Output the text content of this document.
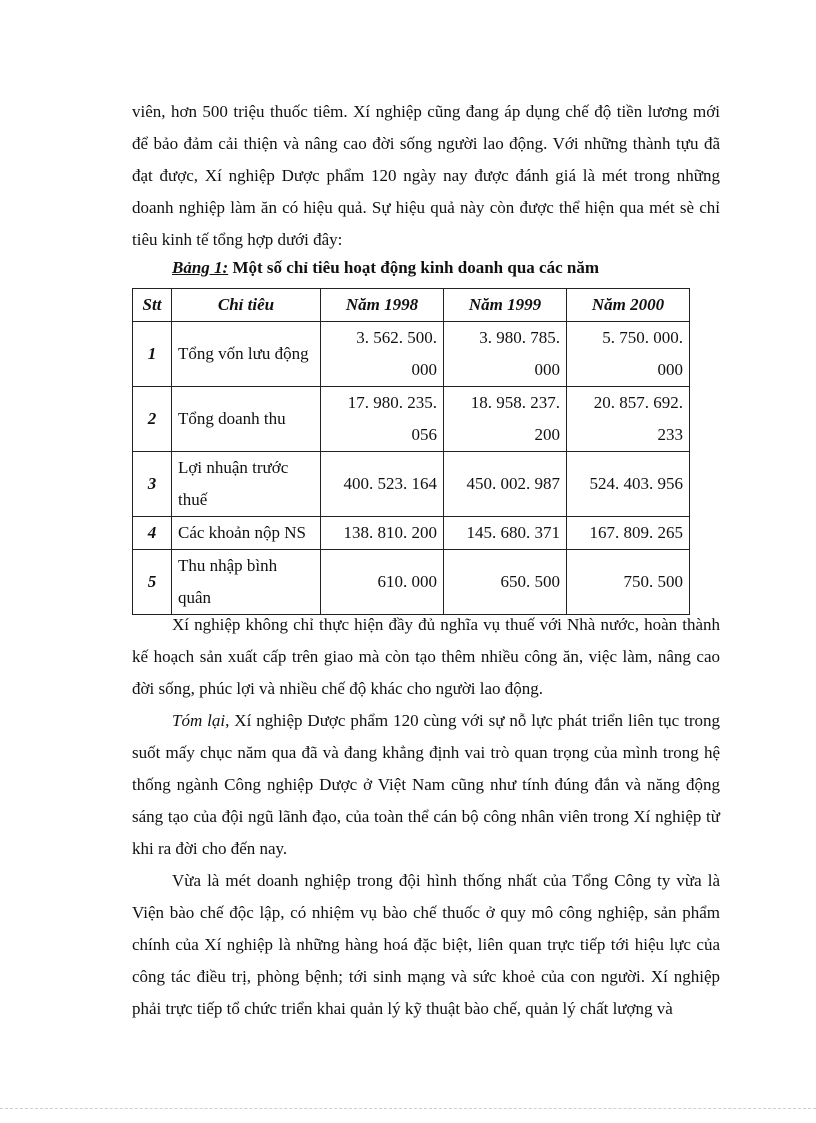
viên, hơn 500 triệu thuốc tiêm. Xí nghiệp cũng đang áp dụng chế độ tiền lương mới để bảo đảm cải thiện và nâng cao đời sống người lao động. Với những thành tựu đã đạt được, Xí nghiệp Dược phẩm 120 ngày nay được đánh giá là mét trong những doanh nghiệp làm ăn có hiệu quả. Sự hiệu quả này còn được thể hiện qua mét sè chỉ tiêu kinh tế tổng hợp dưới đây:

Bảng 1: Một số chỉ tiêu hoạt động kinh doanh qua các năm

Stt	Chỉ tiêu	Năm 1998	Năm 1999	Năm 2000
1	Tổng vốn lưu động	3. 562. 500. 000	3. 980. 785. 000	5. 750. 000. 000
2	Tổng doanh thu	17. 980. 235. 056	18. 958. 237. 200	20. 857. 692. 233
3	Lợi nhuận trước thuế	400. 523. 164	450. 002. 987	524. 403. 956
4	Các khoản nộp NS	138. 810. 200	145. 680. 371	167. 809. 265
5	Thu nhập bình quân	610. 000	650. 500	750. 500

Xí nghiệp không chỉ thực hiện đầy đủ nghĩa vụ thuế với Nhà nước, hoàn thành kế hoạch sản xuất cấp trên giao mà còn tạo thêm nhiều công ăn, việc làm, nâng cao đời sống, phúc lợi và nhiều chế độ khác cho người lao động.

Tóm lại, Xí nghiệp Dược phẩm 120 cùng với sự nỗ lực phát triển liên tục trong suốt mấy chục năm qua đã và đang khẳng định vai trò quan trọng của mình trong hệ thống ngành Công nghiệp Dược ở Việt Nam cũng như tính đúng đắn và năng động sáng tạo của đội ngũ lãnh đạo, của toàn thể cán bộ công nhân viên trong Xí nghiệp từ khi ra đời cho đến nay.

Vừa là mét doanh nghiệp trong đội hình thống nhất của Tổng Công ty vừa là Viện bào chế độc lập, có nhiệm vụ bào chế thuốc ở quy mô công nghiệp, sản phẩm chính của Xí nghiệp là những hàng hoá đặc biệt, liên quan trực tiếp tới hiệu lực của công tác điều trị, phòng bệnh; tới sinh mạng và sức khoẻ của con người. Xí nghiệp phải trực tiếp tổ chức triển khai quản lý kỹ thuật bào chế, quản lý chất lượng và
